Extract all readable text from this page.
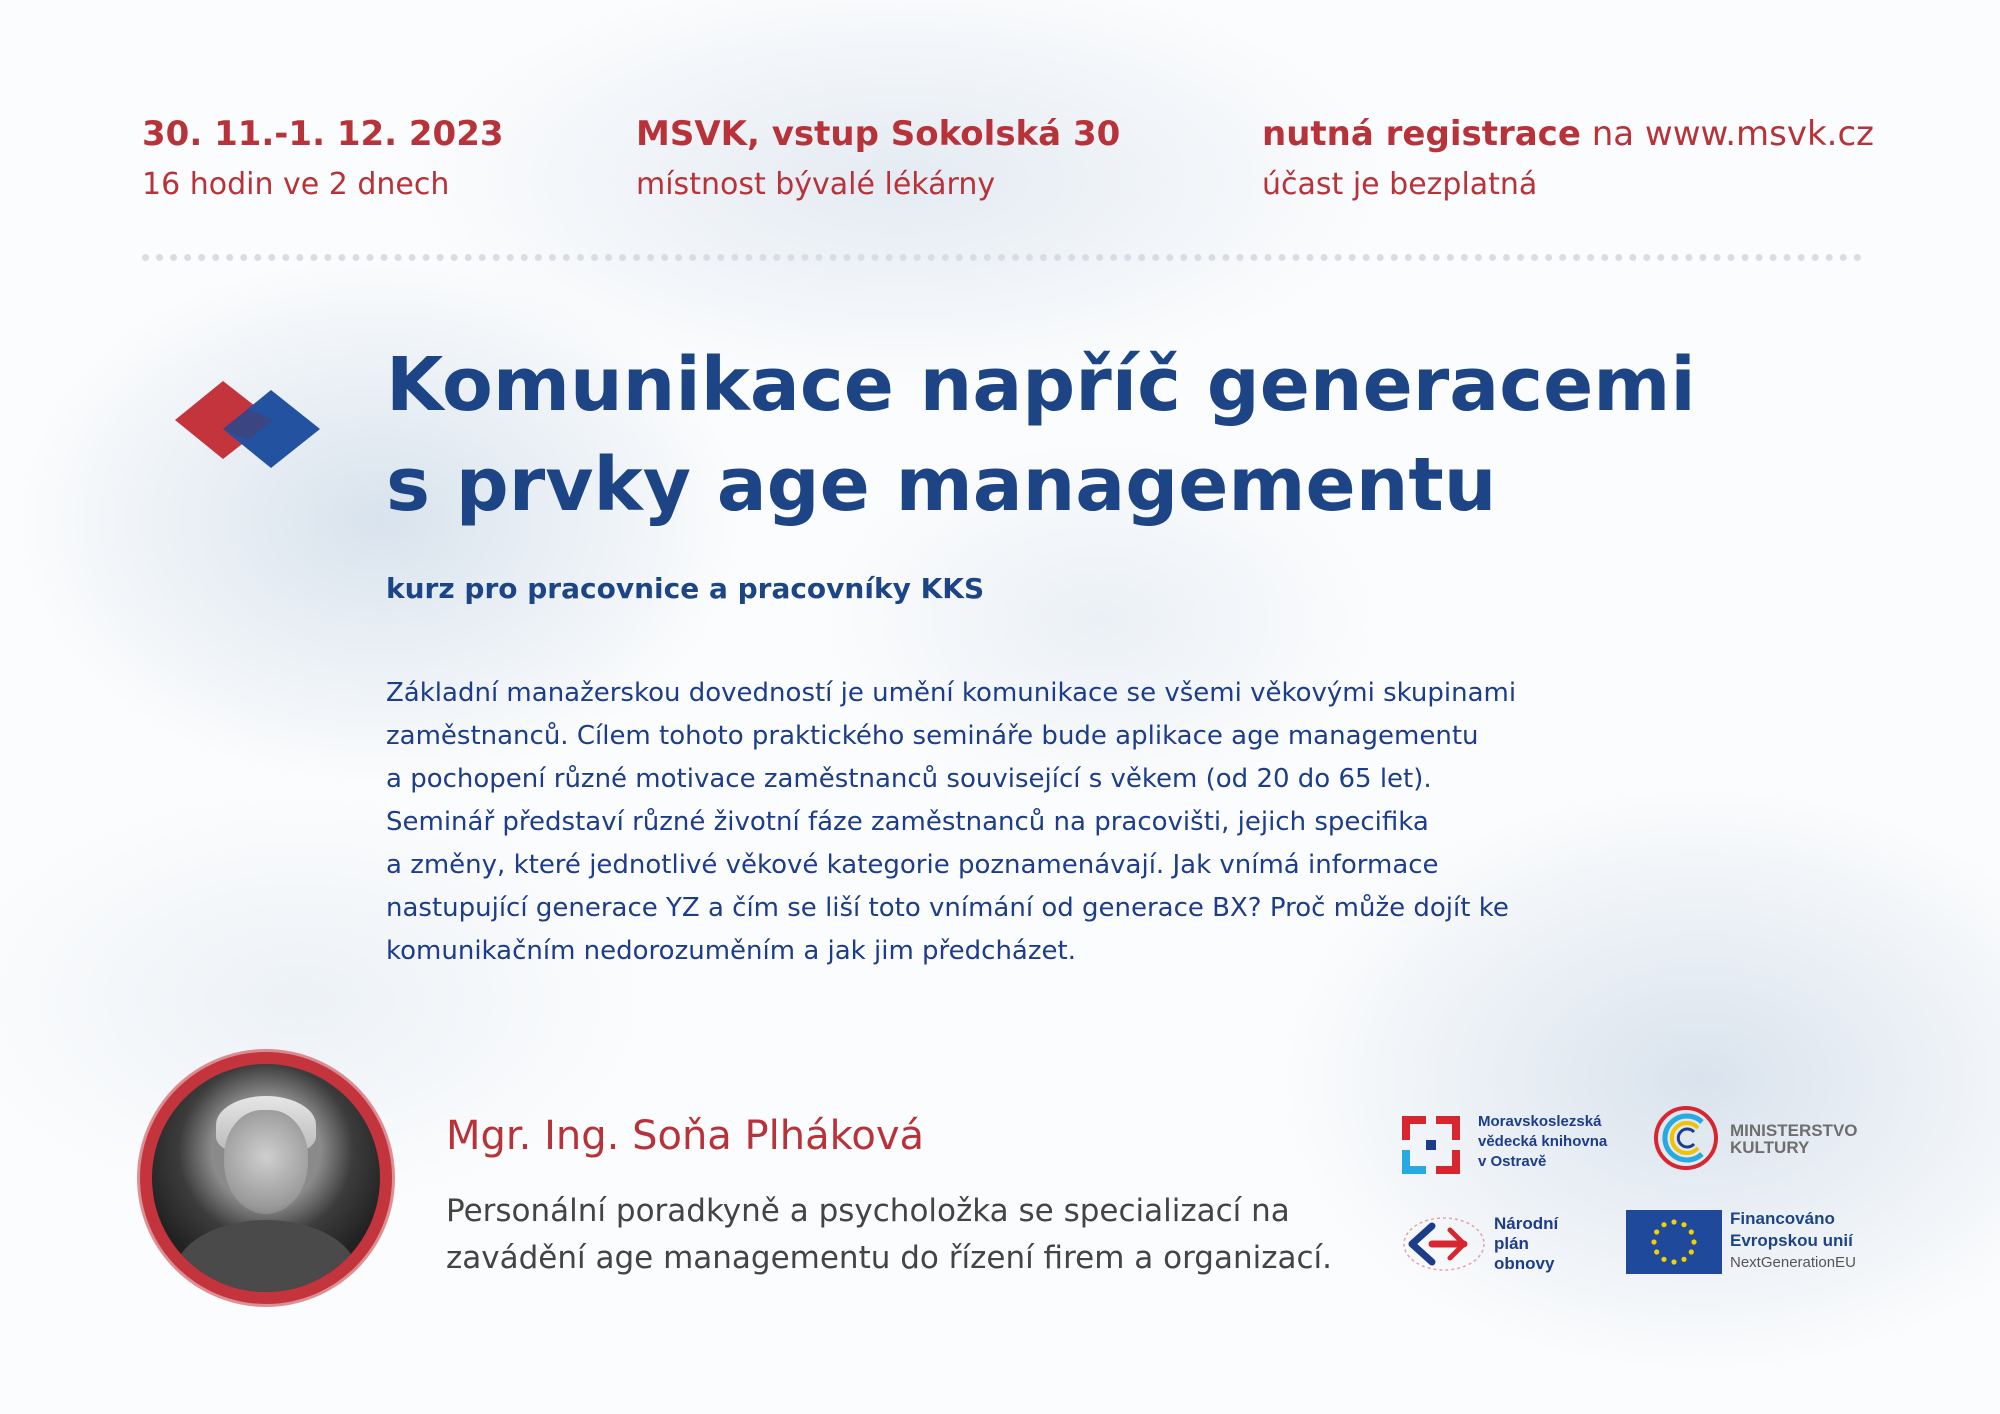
30. 11.-1. 12. 2023
16 hodin ve 2 dnech
MSVK, vstup Sokolská 30
místnost bývalé lékárny
nutná registrace na www.msvk.cz
účast je bezplatná
Komunikace napříč generacemi
s prvky age managementu
kurz pro pracovnice a pracovníky KKS
Základní manažerskou dovedností je umění komunikace se všemi věkovými skupinami
zaměstnanců. Cílem tohoto praktického semináře bude aplikace age managementu
a pochopení různé motivace zaměstnanců související s věkem (od 20 do 65 let).
Seminář představí různé životní fáze zaměstnanců na pracovišti, jejich specifika
a změny, které jednotlivé věkové kategorie poznamenávají. Jak vnímá informace
nastupující generace YZ a čím se liší toto vnímání od generace BX? Proč může dojít ke
komunikačním nedorozuměním a jak jim předcházet.
Mgr. Ing. Soňa Plháková
Personální poradkyně a psycholožka se specializací na
zavádění age managementu do řízení firem a organizací.
Moravskoslezská
vědecká knihovna
v Ostravě
MINISTERSTVO
KULTURY
Národní
plán
obnovy
Financováno
Evropskou unií
NextGenerationEU
